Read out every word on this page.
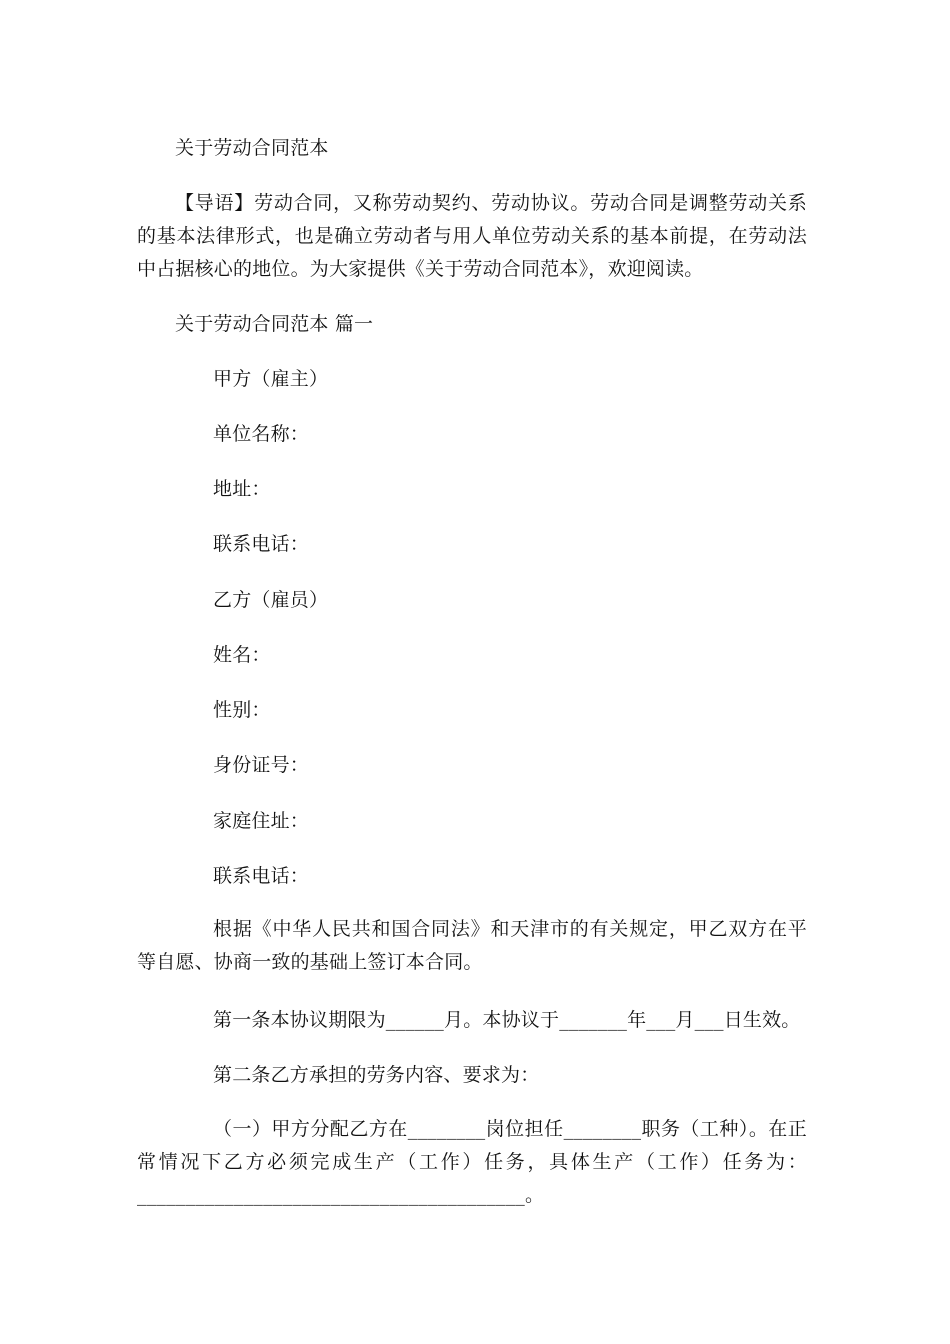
关于劳动合同范本
【导语】劳动合同，又称劳动契约、劳动协议。劳动合同是调整劳动关系的基本法律形式，也是确立劳动者与用人单位劳动关系的基本前提，在劳动法中占据核心的地位。为大家提供《关于劳动合同范本》，欢迎阅读。
关于劳动合同范本 篇一
甲方（雇主）
单位名称：
地址：
联系电话：
乙方（雇员）
姓名：
性别：
身份证号：
家庭住址：
联系电话：
根据《中华人民共和国合同法》和天津市的有关规定，甲乙双方在平等自愿、协商一致的基础上签订本合同。
第一条本协议期限为______月。本协议于_______年___月___日生效。
第二条乙方承担的劳务内容、要求为：
（一）甲方分配乙方在________岗位担任________职务（工种）。在正常情况下乙方必须完成生产（工作）任务，具体生产（工作）任务为：________________________________________。
